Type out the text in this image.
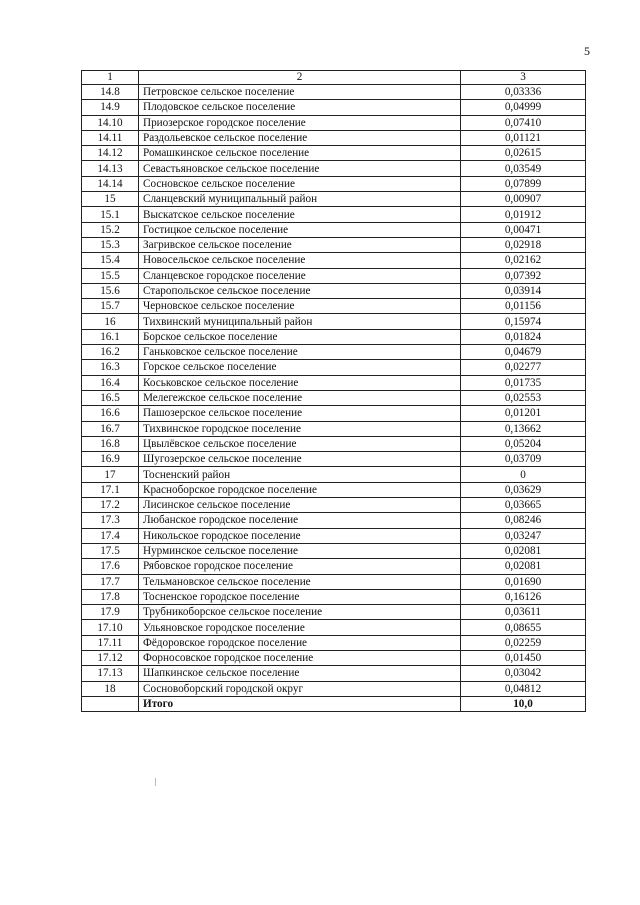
5
1	2	3
14.8	Петровское сельское поселение	0,03336
14.9	Плодовское сельское поселение	0,04999
14.10	Приозерское городское поселение	0,07410
14.11	Раздольевское сельское поселение	0,01121
14.12	Ромашкинское сельское поселение	0,02615
14.13	Севастьяновское сельское поселение	0,03549
14.14	Сосновское сельское поселение	0,07899
15	Сланцевский муниципальный район	0,00907
15.1	Выскатское сельское поселение	0,01912
15.2	Гостицкое сельское поселение	0,00471
15.3	Загривское сельское поселение	0,02918
15.4	Новосельское сельское поселение	0,02162
15.5	Сланцевское городское поселение	0,07392
15.6	Старопольское сельское поселение	0,03914
15.7	Черновское сельское поселение	0,01156
16	Тихвинский муниципальный район	0,15974
16.1	Борское сельское поселение	0,01824
16.2	Ганьковское сельское поселение	0,04679
16.3	Горское сельское поселение	0,02277
16.4	Коськовское сельское поселение	0,01735
16.5	Мелегежское сельское поселение	0,02553
16.6	Пашозерское сельское поселение	0,01201
16.7	Тихвинское городское поселение	0,13662
16.8	Цвылёвское сельское поселение	0,05204
16.9	Шугозерское сельское поселение	0,03709
17	Тосненский район	0
17.1	Красноборское городское поселение	0,03629
17.2	Лисинское сельское поселение	0,03665
17.3	Любанское городское поселение	0,08246
17.4	Никольское городское поселение	0,03247
17.5	Нурминское сельское поселение	0,02081
17.6	Рябовское городское поселение	0,02081
17.7	Тельмановское сельское поселение	0,01690
17.8	Тосненское городское поселение	0,16126
17.9	Трубникоборское сельское поселение	0,03611
17.10	Ульяновское городское поселение	0,08655
17.11	Фёдоровское городское поселение	0,02259
17.12	Форносовское городское поселение	0,01450
17.13	Шапкинское сельское поселение	0,03042
18	Сосновоборский городской округ	0,04812
	Итого	10,0
